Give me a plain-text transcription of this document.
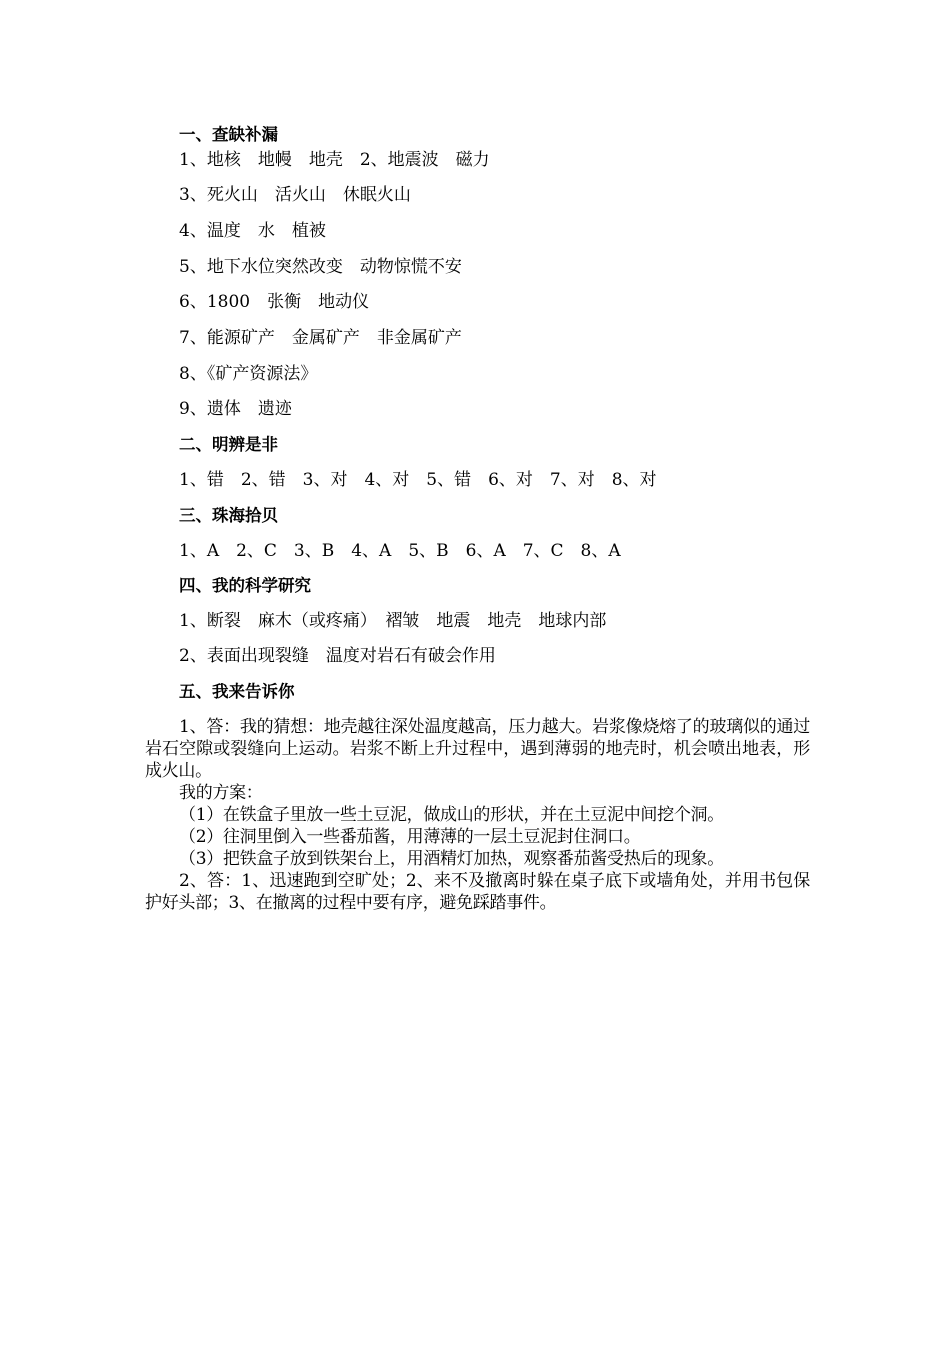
一、查缺补漏
1、地核　地幔　地壳　2、地震波　磁力
3、死火山　活火山　休眠火山
4、温度　水　植被
5、地下水位突然改变　动物惊慌不安
6、1800　张衡　地动仪
7、能源矿产　金属矿产　非金属矿产
8、《矿产资源法》
9、遗体　遗迹
二、明辨是非
1、错　2、错　3、对　4、对　5、错　6、对　7、对　8、对
三、珠海拾贝
1、A　2、C　3、B　4、A　5、B　6、A　7、C　8、A
四、我的科学研究
1、断裂　麻木（或疼痛）　褶皱　地震　地壳　地球内部
2、表面出现裂缝　温度对岩石有破会作用
五、我来告诉你

1、答：我的猜想：地壳越往深处温度越高，压力越大。岩浆像烧熔了的玻璃似的通过岩石空隙或裂缝向上运动。岩浆不断上升过程中，遇到薄弱的地壳时，机会喷出地表，形成火山。

我的方案：

（1）在铁盒子里放一些土豆泥，做成山的形状，并在土豆泥中间挖个洞。

（2）往洞里倒入一些番茄酱，用薄薄的一层土豆泥封住洞口。

（3）把铁盒子放到铁架台上，用酒精灯加热，观察番茄酱受热后的现象。

2、答：1、迅速跑到空旷处；2、来不及撤离时躲在桌子底下或墙角处，并用书包保护好头部；3、在撤离的过程中要有序，避免踩踏事件。
